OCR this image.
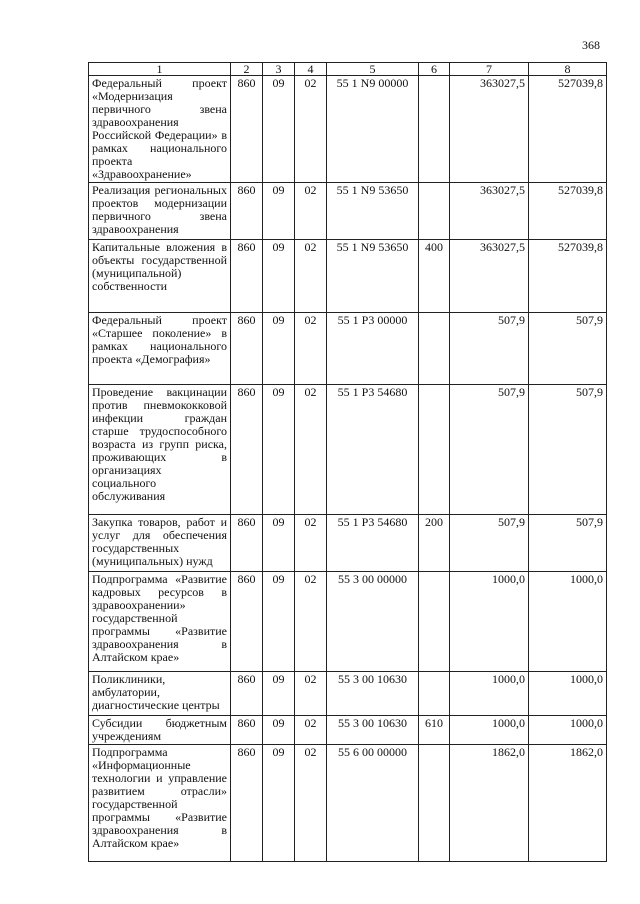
368
1	2	3	4	5	6	7	8
Федеральный проект «Модернизация первичного звена здравоохранения Российской Федерации» в рамках национального проекта «Здравоохранение»	860	09	02	55 1 N9 00000		363027,5	527039,8
Реализация региональных проектов модернизации первичного звена здравоохранения	860	09	02	55 1 N9 53650		363027,5	527039,8
Капитальные вложения в объекты государственной (муниципальной) собственности	860	09	02	55 1 N9 53650	400	363027,5	527039,8
Федеральный проект «Старшее поколение» в рамках национального проекта «Демография»	860	09	02	55 1 P3 00000		507,9	507,9
Проведение вакцинации против пневмококковой инфекции граждан старше трудоспособного возраста из групп риска, проживающих в организациях социального обслуживания	860	09	02	55 1 P3 54680		507,9	507,9
Закупка товаров, работ и услуг для обеспечения государственных (муниципальных) нужд	860	09	02	55 1 P3 54680	200	507,9	507,9
Подпрограмма «Развитие кадровых ресурсов в здравоохранении» государственной программы «Развитие здравоохранения в Алтайском крае»	860	09	02	55 3 00 00000		1000,0	1000,0
Поликлиники, амбулатории, диагностические центры	860	09	02	55 3 00 10630		1000,0	1000,0
Субсидии бюджетным учреждениям	860	09	02	55 3 00 10630	610	1000,0	1000,0
Подпрограмма «Информационные технологии и управление развитием отрасли» государственной программы «Развитие здравоохранения в Алтайском крае»	860	09	02	55 6 00 00000		1862,0	1862,0
